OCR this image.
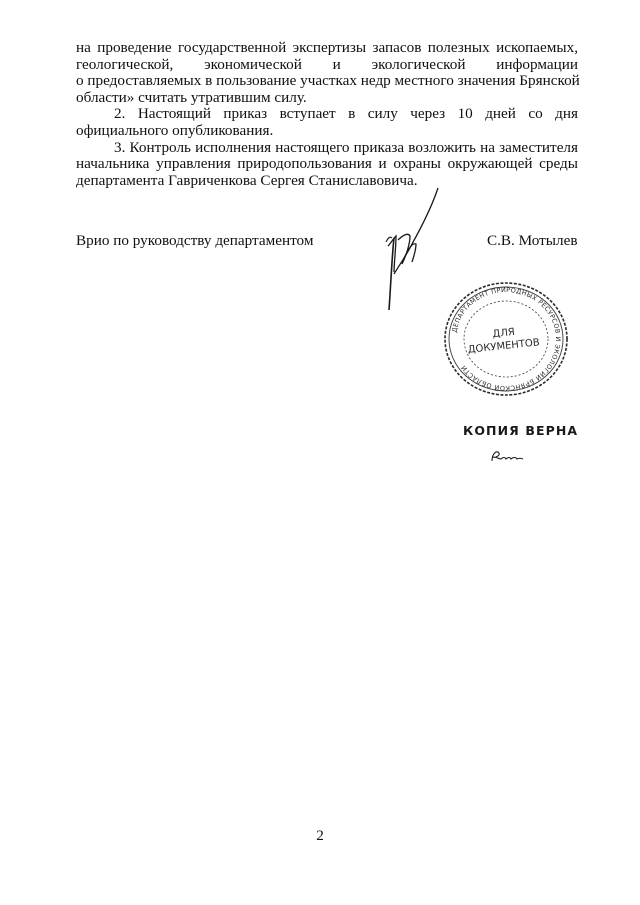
на проведение государственной экспертизы запасов полезных ископаемых,
геологической, экономической и экологической информации
о предоставляемых в пользование участках недр местного значения Брянской
области» считать утратившим силу.

2. Настоящий приказ вступает в силу через 10 дней со дня
официального опубликования.

3. Контроль исполнения настоящего приказа возложить на заместителя
начальника управления природопользования и охраны окружающей среды
департамента Гавриченкова Сергея Станиславовича.

Врио по руководству департаментом	С.В. Мотылев
ДЕПАРТАМЕНТ ПРИРОДНЫХ РЕСУРСОВ И ЭКОЛОГИИ БРЯНСКОЙ ОБЛАСТИ
ДЛЯ
ДОКУМЕНТОВ
КОПИЯ ВЕРНА
2
